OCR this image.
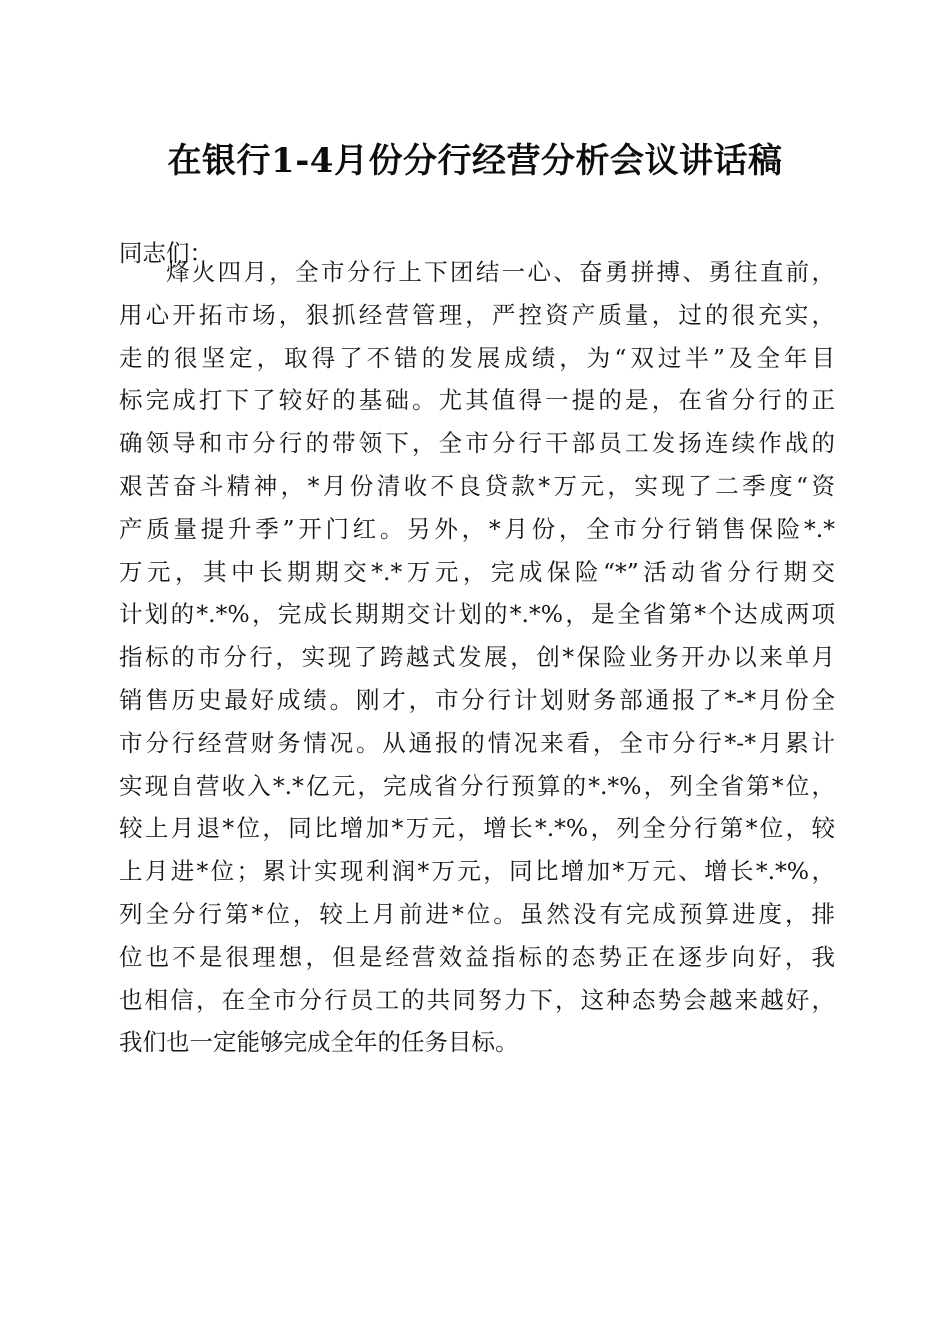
在银行1-4月份分行经营分析会议讲话稿
同志们：
烽火四月，全市分行上下团结一心、奋勇拼搏、勇往直前，
用心开拓市场，狠抓经营管理，严控资产质量，过的很充实，
走的很坚定，取得了不错的发展成绩，为“双过半”及全年目
标完成打下了较好的基础。尤其值得一提的是，在省分行的正
确领导和市分行的带领下，全市分行干部员工发扬连续作战的
艰苦奋斗精神，*月份清收不良贷款*万元，实现了二季度“资
产质量提升季”开门红。另外，*月份，全市分行销售保险*.*
万元，其中长期期交*.*万元，完成保险“*”活动省分行期交
计划的*.*%，完成长期期交计划的*.*%，是全省第*个达成两项
指标的市分行，实现了跨越式发展，创*保险业务开办以来单月
销售历史最好成绩。刚才，市分行计划财务部通报了*-*月份全
市分行经营财务情况。从通报的情况来看，全市分行*-*月累计
实现自营收入*.*亿元，完成省分行预算的*.*%，列全省第*位，
较上月退*位，同比增加*万元，增长*.*%，列全分行第*位，较
上月进*位；累计实现利润*万元，同比增加*万元、增长*.*%，
列全分行第*位，较上月前进*位。虽然没有完成预算进度，排
位也不是很理想，但是经营效益指标的态势正在逐步向好，我
也相信，在全市分行员工的共同努力下，这种态势会越来越好，
我们也一定能够完成全年的任务目标。
